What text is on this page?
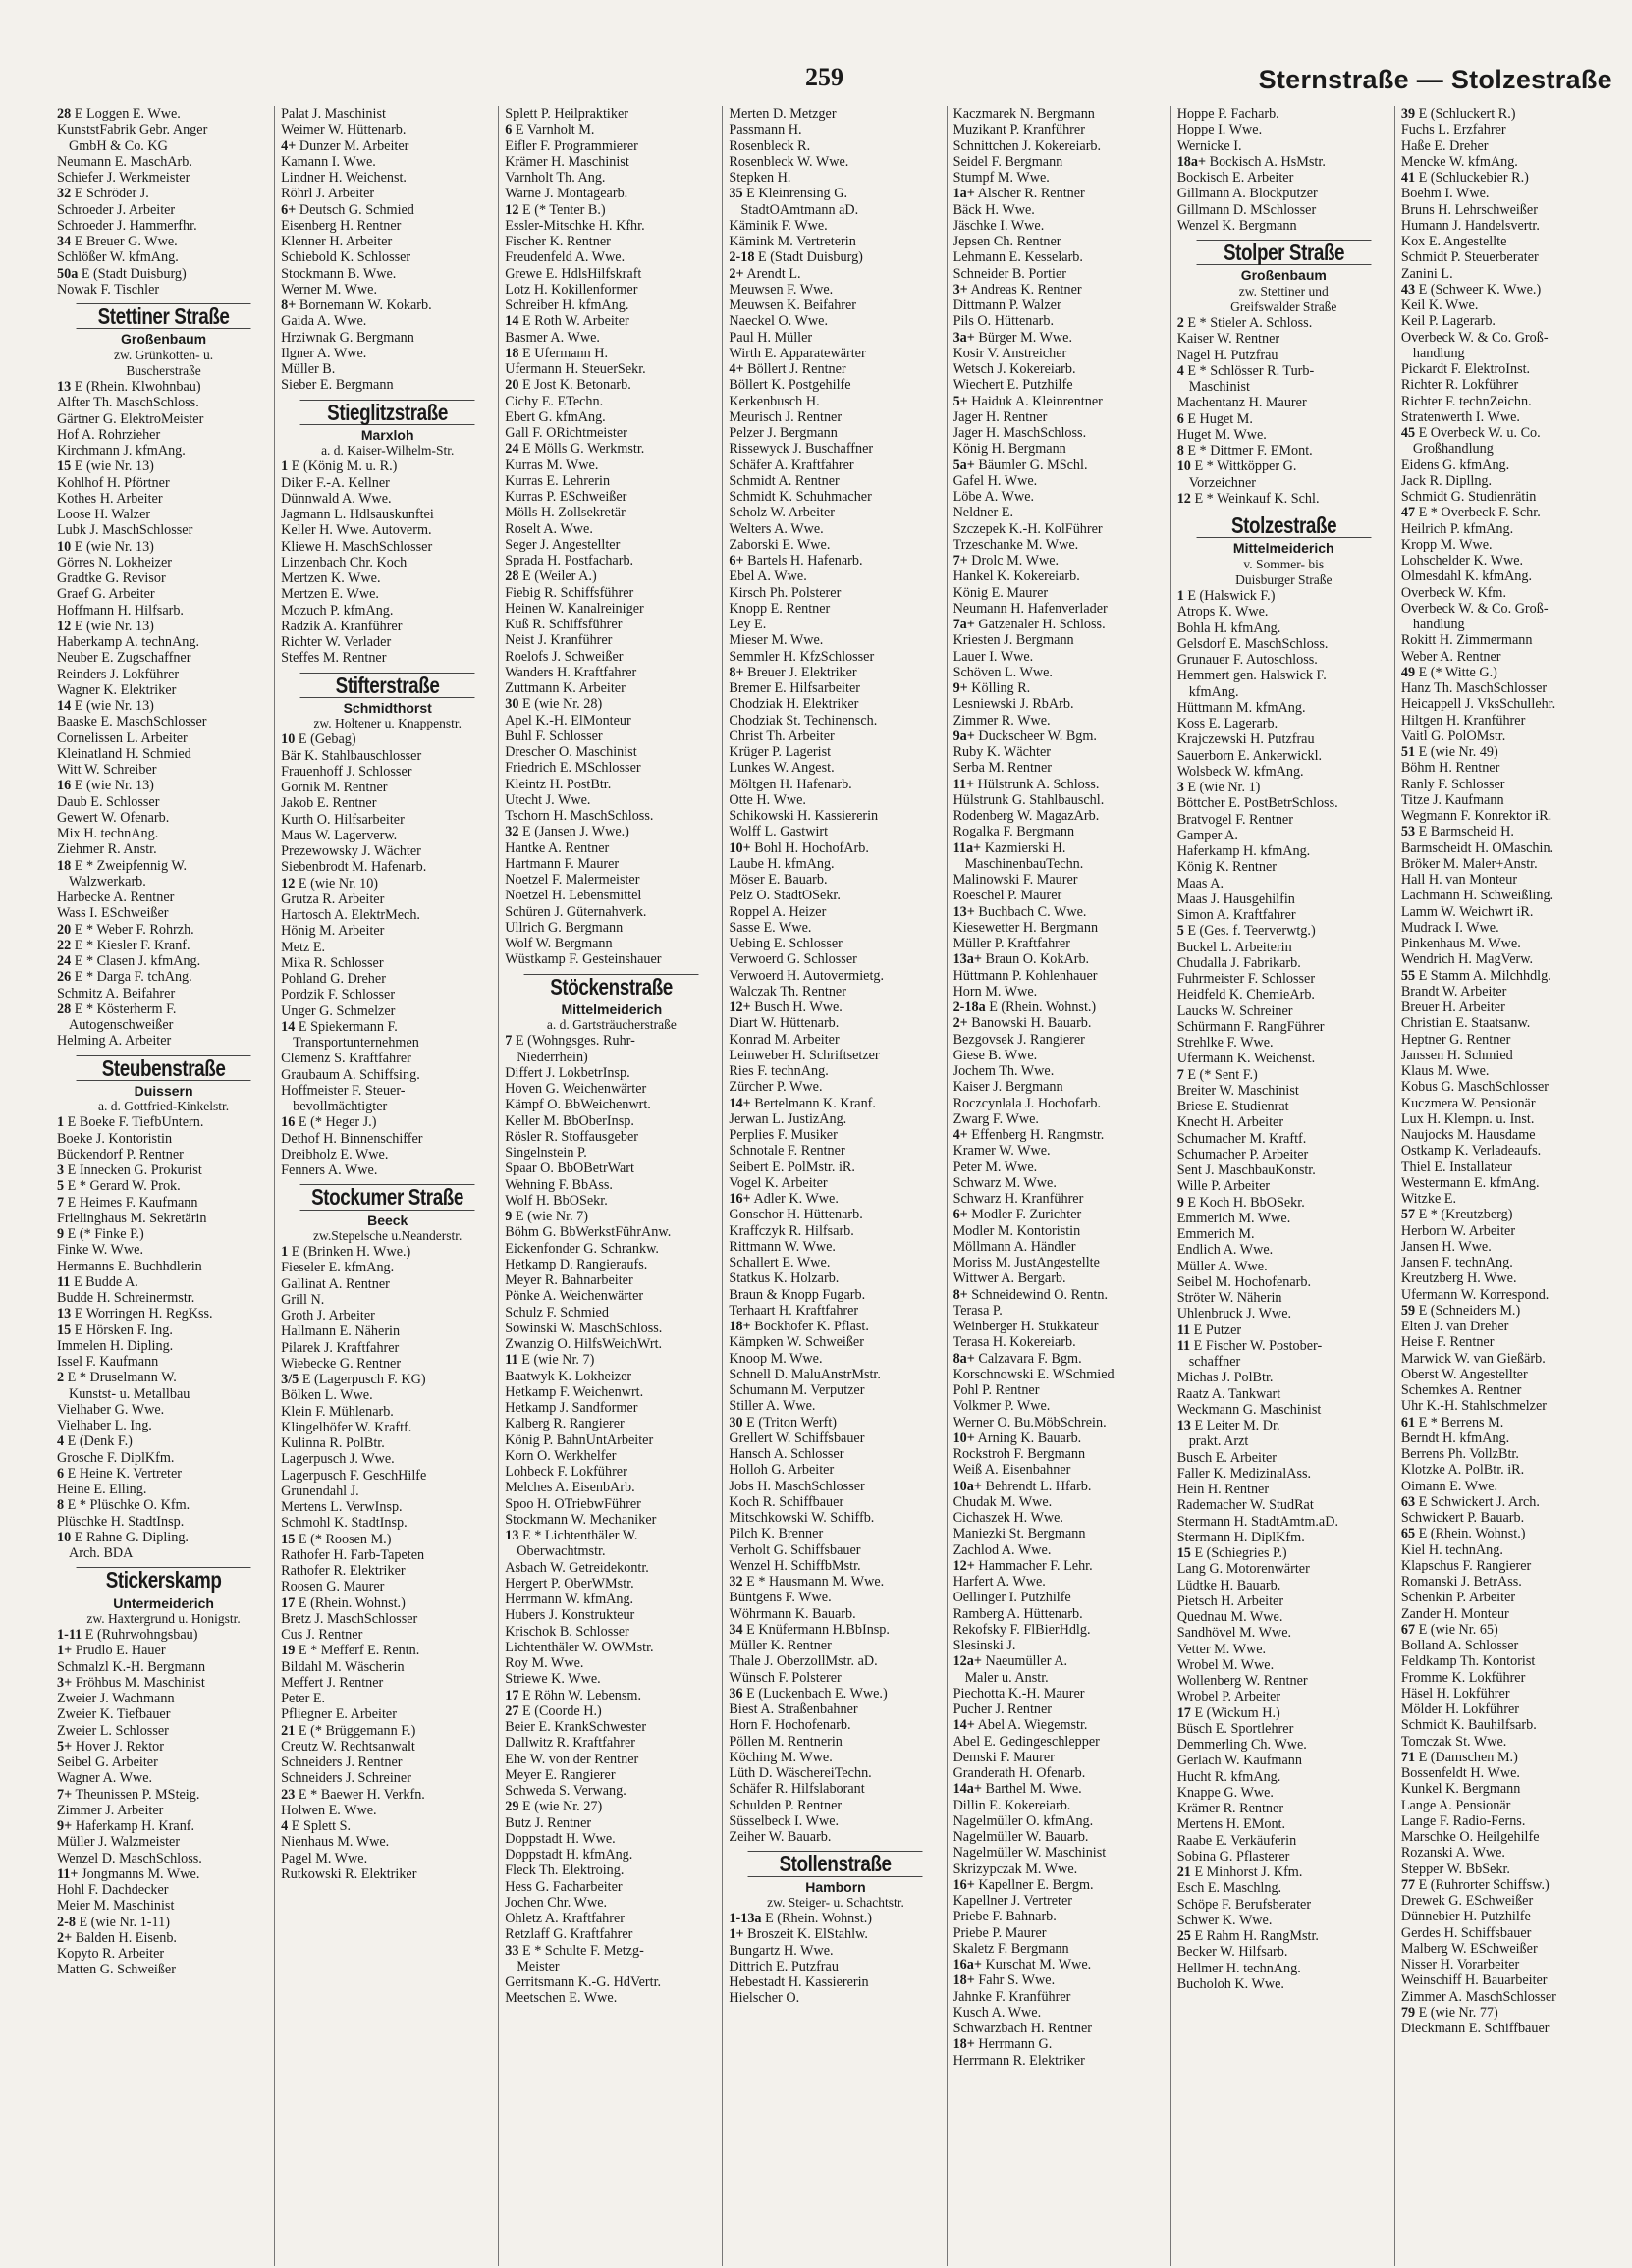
259	Sternstraße — Stolzestraße
28 E Loggen E. Wwe.
KunststFabrik Gebr. Anger
GmbH & Co. KG
Neumann E. MaschArb.
Schiefer J. Werkmeister
32 E Schröder J.
Schroeder J. Arbeiter
Schroeder J. Hammerfhr.
34 E Breuer G. Wwe.
Schlößer W. kfmAng.
50a E (Stadt Duisburg)
Nowak F. Tischler
Stettiner Straße
Großenbaum
zw. Grünkotten- u.
Buscherstraße
13 E (Rhein. Klwohnbau)
Alfter Th. MaschSchloss.
Gärtner G. ElektroMeister
Hof A. Rohrzieher
Kirchmann J. kfmAng.
15 E (wie Nr. 13)
Kohlhof H. Pförtner
Kothes H. Arbeiter
Loose H. Walzer
Lubk J. MaschSchlosser
10 E (wie Nr. 13)
Görres N. Lokheizer
Gradtke G. Revisor
Graef G. Arbeiter
Hoffmann H. Hilfsarb.
12 E (wie Nr. 13)
Haberkamp A. technAng.
Neuber E. Zugschaffner
Reinders J. Lokführer
Wagner K. Elektriker
14 E (wie Nr. 13)
Baaske E. MaschSchlosser
Cornelissen L. Arbeiter
Kleinatland H. Schmied
Witt W. Schreiber
16 E (wie Nr. 13)
Daub E. Schlosser
Gewert W. Ofenarb.
Mix H. technAng.
Ziehmer R. Anstr.
18 E * Zweipfennig W.
Walzwerkarb.
Harbecke A. Rentner
Wass I. ESchweißer
20 E * Weber F. Rohrzh.
22 E * Kiesler F. Kranf.
24 E * Clasen J. kfmAng.
26 E * Darga F. tchAng.
Schmitz A. Beifahrer
28 E * Kösterherm F.
Autogenschweißer
Helming A. Arbeiter
Steubenstraße
Duissern
a. d. Gottfried-Kinkelstr.
1 E Boeke F. TiefbUntern.
Boeke J. Kontoristin
Bückendorf P. Rentner
3 E Innecken G. Prokurist
5 E * Gerard W. Prok.
7 E Heimes F. Kaufmann
Frielinghaus M. Sekretärin
9 E (* Finke P.)
Finke W. Wwe.
Hermanns E. Buchhdlerin
11 E Budde A.
Budde H. Schreinermstr.
13 E Worringen H. RegKss.
15 E Hörsken F. Ing.
Immelen H. Dipling.
Issel F. Kaufmann
2 E * Druselmann W.
Kunstst- u. Metallbau
Vielhaber G. Wwe.
Vielhaber L. Ing.
4 E (Denk F.)
Grosche F. DiplKfm.
6 E Heine K. Vertreter
Heine E. Elling.
8 E * Plüschke O. Kfm.
Plüschke H. StadtInsp.
10 E Rahne G. Dipling.
Arch. BDA
Stickerskamp
Untermeiderich
zw. Haxtergrund u. Honigstr.
1-11 E (Ruhrwohngsbau)
1+ Prudlo E. Hauer
Schmalzl K.-H. Bergmann
3+ Fröhbus M. Maschinist
Zweier J. Wachmann
Zweier K. Tiefbauer
Zweier L. Schlosser
5+ Hover J. Rektor
Seibel G. Arbeiter
Wagner A. Wwe.
7+ Theunissen P. MSteig.
Zimmer J. Arbeiter
9+ Haferkamp H. Kranf.
Müller J. Walzmeister
Wenzel D. MaschSchloss.
11+ Jongmanns M. Wwe.
Hohl F. Dachdecker
Meier M. Maschinist
2-8 E (wie Nr. 1-11)
2+ Balden H. Eisenb.
Kopyto R. Arbeiter
Matten G. Schweißer
Palat J. Maschinist
Weimer W. Hüttenarb.
4+ Dunzer M. Arbeiter
Kamann I. Wwe.
Lindner H. Weichenst.
Röhrl J. Arbeiter
6+ Deutsch G. Schmied
Eisenberg H. Rentner
Klenner H. Arbeiter
Schiebold K. Schlosser
Stockmann B. Wwe.
Werner M. Wwe.
8+ Bornemann W. Kokarb.
Gaida A. Wwe.
Hrziwnak G. Bergmann
Ilgner A. Wwe.
Müller B.
Sieber E. Bergmann
Stieglitzstraße
Marxloh
a. d. Kaiser-Wilhelm-Str.
1 E (König M. u. R.)
Diker F.-A. Kellner
Dünnwald A. Wwe.
Jagmann L. Hdlsauskunftei
Keller H. Wwe. Autoverm.
Kliewe H. MaschSchlosser
Linzenbach Chr. Koch
Mertzen K. Wwe.
Mertzen E. Wwe.
Mozuch P. kfmAng.
Radzik A. Kranführer
Richter W. Verlader
Steffes M. Rentner
Stifterstraße
Schmidthorst
zw. Holtener u. Knappenstr.
10 E (Gebag)
Bär K. Stahlbauschlosser
Frauenhoff J. Schlosser
Gornik M. Rentner
Jakob E. Rentner
Kurth O. Hilfsarbeiter
Maus W. Lagerverw.
Prezewowsky J. Wächter
Siebenbrodt M. Hafenarb.
12 E (wie Nr. 10)
Grutza R. Arbeiter
Hartosch A. ElektrMech.
Hönig M. Arbeiter
Metz E.
Mika R. Schlosser
Pohland G. Dreher
Pordzik F. Schlosser
Unger G. Schmelzer
14 E Spiekermann F.
Transportunternehmen
Clemenz S. Kraftfahrer
Graubaum A. Schiffsing.
Hoffmeister F. Steuer-
bevollmächtigter
16 E (* Heger J.)
Dethof H. Binnenschiffer
Dreibholz E. Wwe.
Fenners A. Wwe.
Stockumer Straße
Beeck
zw.Stepelsche u.Neanderstr.
1 E (Brinken H. Wwe.)
Fieseler E. kfmAng.
Gallinat A. Rentner
Grill N.
Groth J. Arbeiter
Hallmann E. Näherin
Pilarek J. Kraftfahrer
Wiebecke G. Rentner
3/5 E (Lagerpusch F. KG)
Bölken L. Wwe.
Klein F. Mühlenarb.
Klingelhöfer W. Kraftf.
Kulinna R. PolBtr.
Lagerpusch J. Wwe.
Lagerpusch F. GeschHilfe
Grunendahl J.
Mertens L. VerwInsp.
Schmohl K. StadtInsp.
15 E (* Roosen M.)
Rathofer H. Farb-Tapeten
Rathofer R. Elektriker
Roosen G. Maurer
17 E (Rhein. Wohnst.)
Bretz J. MaschSchlosser
Cus J. Rentner
19 E * Mefferf E. Rentn.
Bildahl M. Wäscherin
Meffert J. Rentner
Peter E.
Pfliegner E. Arbeiter
21 E (* Brüggemann F.)
Creutz W. Rechtsanwalt
Schneiders J. Rentner
Schneiders J. Schreiner
23 E * Baewer H. Verkfn.
Holwen E. Wwe.
4 E Splett S.
Nienhaus M. Wwe.
Pagel M. Wwe.
Rutkowski R. Elektriker
Splett P. Heilpraktiker
6 E Varnholt M.
Eifler F. Programmierer
Krämer H. Maschinist
Varnholt Th. Ang.
Warne J. Montagearb.
12 E (* Tenter B.)
Essler-Mitschke H. Kfhr.
Fischer K. Rentner
Freudenfeld A. Wwe.
Grewe E. HdlsHilfskraft
Lotz H. Kokillenformer
Schreiber H. kfmAng.
14 E Roth W. Arbeiter
Basmer A. Wwe.
18 E Ufermann H.
Ufermann H. SteuerSekr.
20 E Jost K. Betonarb.
Cichy E. ETechn.
Ebert G. kfmAng.
Gall F. ORichtmeister
24 E Mölls G. Werkmstr.
Kurras M. Wwe.
Kurras E. Lehrerin
Kurras P. ESchweißer
Mölls H. Zollsekretär
Roselt A. Wwe.
Seger J. Angestellter
Sprada H. Postfacharb.
28 E (Weiler A.)
Fiebig R. Schiffsführer
Heinen W. Kanalreiniger
Kuß R. Schiffsführer
Neist J. Kranführer
Roelofs J. Schweißer
Wanders H. Kraftfahrer
Zuttmann K. Arbeiter
30 E (wie Nr. 28)
Apel K.-H. ElMonteur
Buhl F. Schlosser
Drescher O. Maschinist
Friedrich E. MSchlosser
Kleintz H. PostBtr.
Utecht J. Wwe.
Tschorn H. MaschSchloss.
32 E (Jansen J. Wwe.)
Hantke A. Rentner
Hartmann F. Maurer
Noetzel F. Malermeister
Noetzel H. Lebensmittel
Schüren J. Güternahverk.
Ullrich G. Bergmann
Wolf W. Bergmann
Wüstkamp F. Gesteinshauer
Stöckenstraße
Mittelmeiderich
a. d. Gartsträucherstraße
7 E (Wohngsges. Ruhr-
Niederrhein)
Differt J. LokbetrInsp.
Hoven G. Weichenwärter
Kämpf O. BbWeichenwrt.
Keller M. BbOberInsp.
Rösler R. Stoffausgeber
Singelnstein P.
Spaar O. BbOBetrWart
Wehning F. BbAss.
Wolf H. BbOSekr.
9 E (wie Nr. 7)
Böhm G. BbWerkstFührAnw.
Eickenfonder G. Schrankw.
Hetkamp D. Rangieraufs.
Meyer R. Bahnarbeiter
Pönke A. Weichenwärter
Schulz F. Schmied
Sowinski W. MaschSchloss.
Zwanzig O. HilfsWeichWrt.
11 E (wie Nr. 7)
Baatwyk K. Lokheizer
Hetkamp F. Weichenwrt.
Hetkamp J. Sandformer
Kalberg R. Rangierer
König P. BahnUntArbeiter
Korn O. Werkhelfer
Lohbeck F. Lokführer
Melches A. EisenbArb.
Spoo H. OTriebwFührer
Stockmann W. Mechaniker
13 E * Lichtenthäler W.
Oberwachtmstr.
Asbach W. Getreidekontr.
Hergert P. OberWMstr.
Herrmann W. kfmAng.
Hubers J. Konstrukteur
Krischok B. Schlosser
Lichtenthäler W. OWMstr.
Roy M. Wwe.
Striewe K. Wwe.
17 E Röhn W. Lebensm.
27 E (Coorde H.)
Beier E. KrankSchwester
Dallwitz R. Kraftfahrer
Ehe W. von der Rentner
Meyer E. Rangierer
Schweda S. Verwang.
29 E (wie Nr. 27)
Butz J. Rentner
Doppstadt H. Wwe.
Doppstadt H. kfmAng.
Fleck Th. Elektroing.
Hess G. Facharbeiter
Jochen Chr. Wwe.
Ohletz A. Kraftfahrer
Retzlaff G. Kraftfahrer
33 E * Schulte F. Metzg-
Meister
Gerritsmann K.-G. HdVertr.
Meetschen E. Wwe.
Merten D. Metzger
Passmann H.
Rosenbleck R.
Rosenbleck W. Wwe.
Stepken H.
35 E Kleinrensing G.
StadtOAmtmann aD.
Käminik F. Wwe.
Kämink M. Vertreterin
2-18 E (Stadt Duisburg)
2+ Arendt L.
Meuwsen F. Wwe.
Meuwsen K. Beifahrer
Naeckel O. Wwe.
Paul H. Müller
Wirth E. Apparatewärter
4+ Böllert J. Rentner
Böllert K. Postgehilfe
Kerkenbusch H.
Meurisch J. Rentner
Pelzer J. Bergmann
Rissewyck J. Buschaffner
Schäfer A. Kraftfahrer
Schmidt A. Rentner
Schmidt K. Schuhmacher
Scholz W. Arbeiter
Welters A. Wwe.
Zaborski E. Wwe.
6+ Bartels H. Hafenarb.
Ebel A. Wwe.
Kirsch Ph. Polsterer
Knopp E. Rentner
Ley E.
Mieser M. Wwe.
Semmler H. KfzSchlosser
8+ Breuer J. Elektriker
Bremer E. Hilfsarbeiter
Chodziak H. Elektriker
Chodziak St. Techinensch.
Christ Th. Arbeiter
Krüger P. Lagerist
Lunkes W. Angest.
Möltgen H. Hafenarb.
Otte H. Wwe.
Schikowski H. Kassiererin
Wolff L. Gastwirt
10+ Bohl H. HochofArb.
Laube H. kfmAng.
Möser E. Bauarb.
Pelz O. StadtOSekr.
Roppel A. Heizer
Sasse E. Wwe.
Uebing E. Schlosser
Verwoerd G. Schlosser
Verwoerd H. Autovermietg.
Walczak Th. Rentner
12+ Busch H. Wwe.
Diart W. Hüttenarb.
Konrad M. Arbeiter
Leinweber H. Schriftsetzer
Ries F. technAng.
Zürcher P. Wwe.
14+ Bertelmann K. Kranf.
Jerwan L. JustizAng.
Perplies F. Musiker
Schnotale F. Rentner
Seibert E. PolMstr. iR.
Vogel K. Arbeiter
16+ Adler K. Wwe.
Gonschor H. Hüttenarb.
Kraffczyk R. Hilfsarb.
Rittmann W. Wwe.
Schallert E. Wwe.
Statkus K. Holzarb.
Braun & Knopp Fugarb.
Terhaart H. Kraftfahrer
18+ Bockhofer K. Pflast.
Kämpken W. Schweißer
Knoop M. Wwe.
Schnell D. MaluAnstrMstr.
Schumann M. Verputzer
Stiller A. Wwe.
30 E (Triton Werft)
Grellert W. Schiffsbauer
Hansch A. Schlosser
Holloh G. Arbeiter
Jobs H. MaschSchlosser
Koch R. Schiffbauer
Mitschkowski W. Schiffb.
Pilch K. Brenner
Verholt G. Schiffsbauer
Wenzel H. SchiffbMstr.
32 E * Hausmann M. Wwe.
Büntgens F. Wwe.
Wöhrmann K. Bauarb.
34 E Knüfermann H.BbInsp.
Müller K. Rentner
Thale J. OberzollMstr. aD.
Wünsch F. Polsterer
36 E (Luckenbach E. Wwe.)
Biest A. Straßenbahner
Horn F. Hochofenarb.
Pöllen M. Rentnerin
Köching M. Wwe.
Lüth D. WäschereiTechn.
Schäfer R. Hilfslaborant
Schulden P. Rentner
Süsselbeck I. Wwe.
Zeiher W. Bauarb.
Stollenstraße
Hamborn
zw. Steiger- u. Schachtstr.
1-13a E (Rhein. Wohnst.)
1+ Broszeit K. ElStahlw.
Bungartz H. Wwe.
Dittrich E. Putzfrau
Hebestadt H. Kassiererin
Hielscher O.
Kaczmarek N. Bergmann
Muzikant P. Kranführer
Schnittchen J. Kokereiarb.
Seidel F. Bergmann
Stumpf M. Wwe.
1a+ Alscher R. Rentner
Bäck H. Wwe.
Jäschke I. Wwe.
Jepsen Ch. Rentner
Lehmann E. Kesselarb.
Schneider B. Portier
3+ Andreas K. Rentner
Dittmann P. Walzer
Pils O. Hüttenarb.
3a+ Bürger M. Wwe.
Kosir V. Anstreicher
Wetsch J. Kokereiarb.
Wiechert E. Putzhilfe
5+ Haiduk A. Kleinrentner
Jager H. Rentner
Jager H. MaschSchloss.
König H. Bergmann
5a+ Bäumler G. MSchl.
Gafel H. Wwe.
Löbe A. Wwe.
Neldner E.
Szczepek K.-H. KolFührer
Trzeschanke M. Wwe.
7+ Drolc M. Wwe.
Hankel K. Kokereiarb.
König E. Maurer
Neumann H. Hafenverlader
7a+ Gatzenaler H. Schloss.
Kriesten J. Bergmann
Lauer I. Wwe.
Schöven L. Wwe.
9+ Kölling R.
Lesniewski J. RbArb.
Zimmer R. Wwe.
9a+ Duckscheer W. Bgm.
Ruby K. Wächter
Serba M. Rentner
11+ Hülstrunk A. Schloss.
Hülstrunk G. Stahlbauschl.
Rodenberg W. MagazArb.
Rogalka F. Bergmann
11a+ Kazmierski H.
MaschinenbauTechn.
Malinowski F. Maurer
Roeschel P. Maurer
13+ Buchbach C. Wwe.
Kiesewetter H. Bergmann
Müller P. Kraftfahrer
13a+ Braun O. KokArb.
Hüttmann P. Kohlenhauer
Horn M. Wwe.
2-18a E (Rhein. Wohnst.)
2+ Banowski H. Bauarb.
Bezgovsek J. Rangierer
Giese B. Wwe.
Jochem Th. Wwe.
Kaiser J. Bergmann
Roczcynlala J. Hochofarb.
Zwarg F. Wwe.
4+ Effenberg H. Rangmstr.
Kramer W. Wwe.
Peter M. Wwe.
Schwarz M. Wwe.
Schwarz H. Kranführer
6+ Modler F. Zurichter
Modler M. Kontoristin
Möllmann A. Händler
Moriss M. JustAngestellte
Wittwer A. Bergarb.
8+ Schneidewind O. Rentn.
Terasa P.
Weinberger H. Stukkateur
Terasa H. Kokereiarb.
8a+ Calzavara F. Bgm.
Korschnowski E. WSchmied
Pohl P. Rentner
Volkmer P. Wwe.
Werner O. Bu.MöbSchrein.
10+ Arning K. Bauarb.
Rockstroh F. Bergmann
Weiß A. Eisenbahner
10a+ Behrendt L. Hfarb.
Chudak M. Wwe.
Cichaszek H. Wwe.
Maniezki St. Bergmann
Zachlod A. Wwe.
12+ Hammacher F. Lehr.
Harfert A. Wwe.
Oellinger I. Putzhilfe
Ramberg A. Hüttenarb.
Rekofsky F. FlBierHdlg.
Slesinski J.
12a+ Naeumüller A.
Maler u. Anstr.
Piechotta K.-H. Maurer
Pucher J. Rentner
14+ Abel A. Wiegemstr.
Abel E. Gedingeschlepper
Demski F. Maurer
Granderath H. Ofenarb.
14a+ Barthel M. Wwe.
Dillin E. Kokereiarb.
Nagelmüller O. kfmAng.
Nagelmüller W. Bauarb.
Nagelmüller W. Maschinist
Skrizypczak M. Wwe.
16+ Kapellner E. Bergm.
Kapellner J. Vertreter
Priebe F. Bahnarb.
Priebe P. Maurer
Skaletz F. Bergmann
16a+ Kurschat M. Wwe.
18+ Fahr S. Wwe.
Jahnke F. Kranführer
Kusch A. Wwe.
Schwarzbach H. Rentner
18+ Herrmann G.
Herrmann R. Elektriker
Hoppe P. Facharb.
Hoppe I. Wwe.
Wernicke I.
18a+ Bockisch A. HsMstr.
Bockisch E. Arbeiter
Gillmann A. Blockputzer
Gillmann D. MSchlosser
Wenzel K. Bergmann
Stolper Straße
Großenbaum
zw. Stettiner und
Greifswalder Straße
2 E * Stieler A. Schloss.
Kaiser W. Rentner
Nagel H. Putzfrau
4 E * Schlösser R. Turb-
Maschinist
Machentanz H. Maurer
6 E Huget M.
Huget M. Wwe.
8 E * Dittmer F. EMont.
10 E * Wittköpper G.
Vorzeichner
12 E * Weinkauf K. Schl.
Stolzestraße
Mittelmeiderich
v. Sommer- bis
Duisburger Straße
1 E (Halswick F.)
Atrops K. Wwe.
Bohla H. kfmAng.
Gelsdorf E. MaschSchloss.
Grunauer F. Autoschloss.
Hemmert gen. Halswick F.
kfmAng.
Hüttmann M. kfmAng.
Koss E. Lagerarb.
Krajczewski H. Putzfrau
Sauerborn E. Ankerwickl.
Wolsbeck W. kfmAng.
3 E (wie Nr. 1)
Böttcher E. PostBetrSchloss.
Bratvogel F. Rentner
Gamper A.
Haferkamp H. kfmAng.
König K. Rentner
Maas A.
Maas J. Hausgehilfin
Simon A. Kraftfahrer
5 E (Ges. f. Teerverwtg.)
Buckel L. Arbeiterin
Chudalla J. Fabrikarb.
Fuhrmeister F. Schlosser
Heidfeld K. ChemieArb.
Laucks W. Schreiner
Schürmann F. RangFührer
Strehlke F. Wwe.
Ufermann K. Weichenst.
7 E (* Sent F.)
Breiter W. Maschinist
Briese E. Studienrat
Knecht H. Arbeiter
Schumacher M. Kraftf.
Schumacher P. Arbeiter
Sent J. MaschbauKonstr.
Wille P. Arbeiter
9 E Koch H. BbOSekr.
Emmerich M. Wwe.
Emmerich M.
Endlich A. Wwe.
Müller A. Wwe.
Seibel M. Hochofenarb.
Ströter W. Näherin
Uhlenbruck J. Wwe.
11 E Putzer
11 E Fischer W. Postober-
schaffner
Michas J. PolBtr.
Raatz A. Tankwart
Weckmann G. Maschinist
13 E Leiter M. Dr.
prakt. Arzt
Busch E. Arbeiter
Faller K. MedizinalAss.
Hein H. Rentner
Rademacher W. StudRat
Stermann H. StadtAmtm.aD.
Stermann H. DiplKfm.
15 E (Schiegries P.)
Lang G. Motorenwärter
Lüdtke H. Bauarb.
Pietsch H. Arbeiter
Quednau M. Wwe.
Sandhövel M. Wwe.
Vetter M. Wwe.
Wrobel M. Wwe.
Wollenberg W. Rentner
Wrobel P. Arbeiter
17 E (Wickum H.)
Büsch E. Sportlehrer
Demmerling Ch. Wwe.
Gerlach W. Kaufmann
Hucht R. kfmAng.
Knappe G. Wwe.
Krämer R. Rentner
Mertens H. EMont.
Raabe E. Verkäuferin
Sobina G. Pflasterer
21 E Minhorst J. Kfm.
Esch E. Maschlng.
Schöpe F. Berufsberater
Schwer K. Wwe.
25 E Rahm H. RangMstr.
Becker W. Hilfsarb.
Hellmer H. technAng.
Bucholoh K. Wwe.
39 E (Schluckert R.)
Fuchs L. Erzfahrer
Haße E. Dreher
Mencke W. kfmAng.
41 E (Schluckebier R.)
Boehm I. Wwe.
Bruns H. Lehrschweißer
Humann J. Handelsvertr.
Kox E. Angestellte
Schmidt P. Steuerberater
Zanini L.
43 E (Schweer K. Wwe.)
Keil K. Wwe.
Keil P. Lagerarb.
Overbeck W. & Co. Groß-
handlung
Pickardt F. ElektroInst.
Richter R. Lokführer
Richter F. technZeichn.
Stratenwerth I. Wwe.
45 E Overbeck W. u. Co.
Großhandlung
Eidens G. kfmAng.
Jack R. Dipllng.
Schmidt G. Studienrätin
47 E * Overbeck F. Schr.
Heilrich P. kfmAng.
Kropp M. Wwe.
Lohschelder K. Wwe.
Olmesdahl K. kfmAng.
Overbeck W. Kfm.
Overbeck W. & Co. Groß-
handlung
Rokitt H. Zimmermann
Weber A. Rentner
49 E (* Witte G.)
Hanz Th. MaschSchlosser
Heicappell J. VksSchullehr.
Hiltgen H. Kranführer
Vaitl G. PolOMstr.
51 E (wie Nr. 49)
Böhm H. Rentner
Ranly F. Schlosser
Titze J. Kaufmann
Wegmann F. Konrektor iR.
53 E Barmscheid H.
Barmscheidt H. OMaschin.
Bröker M. Maler+Anstr.
Hall H. van Monteur
Lachmann H. Schweißling.
Lamm W. Weichwrt iR.
Mudrack I. Wwe.
Pinkenhaus M. Wwe.
Wendrich H. MagVerw.
55 E Stamm A. Milchhdlg.
Brandt W. Arbeiter
Breuer H. Arbeiter
Christian E. Staatsanw.
Heptner G. Rentner
Janssen H. Schmied
Klaus M. Wwe.
Kobus G. MaschSchlosser
Kuczmera W. Pensionär
Lux H. Klempn. u. Inst.
Naujocks M. Hausdame
Ostkamp K. Verladeaufs.
Thiel E. Installateur
Westermann E. kfmAng.
Witzke E.
57 E * (Kreutzberg)
Herborn W. Arbeiter
Jansen H. Wwe.
Jansen F. technAng.
Kreutzberg H. Wwe.
Ufermann W. Korrespond.
59 E (Schneiders M.)
Elten J. van Dreher
Heise F. Rentner
Marwick W. van Gießärb.
Oberst W. Angestellter
Schemkes A. Rentner
Uhr K.-H. Stahlschmelzer
61 E * Berrens M.
Berndt H. kfmAng.
Berrens Ph. VollzBtr.
Klotzke A. PolBtr. iR.
Oimann E. Wwe.
63 E Schwickert J. Arch.
Schwickert P. Bauarb.
65 E (Rhein. Wohnst.)
Kiel H. technAng.
Klapschus F. Rangierer
Romanski J. BetrAss.
Schenkin P. Arbeiter
Zander H. Monteur
67 E (wie Nr. 65)
Bolland A. Schlosser
Feldkamp Th. Kontorist
Fromme K. Lokführer
Häsel H. Lokführer
Mölder H. Lokführer
Schmidt K. Bauhilfsarb.
Tomczak St. Wwe.
71 E (Damschen M.)
Bossenfeldt H. Wwe.
Kunkel K. Bergmann
Lange A. Pensionär
Lange F. Radio-Ferns.
Marschke O. Heilgehilfe
Rozanski A. Wwe.
Stepper W. BbSekr.
77 E (Ruhrorter Schiffsw.)
Drewek G. ESchweißer
Dünnebier H. Putzhilfe
Gerdes H. Schiffsbauer
Malberg W. ESchweißer
Nisser H. Vorarbeiter
Weinschiff H. Bauarbeiter
Zimmer A. MaschSchlosser
79 E (wie Nr. 77)
Dieckmann E. Schiffbauer
